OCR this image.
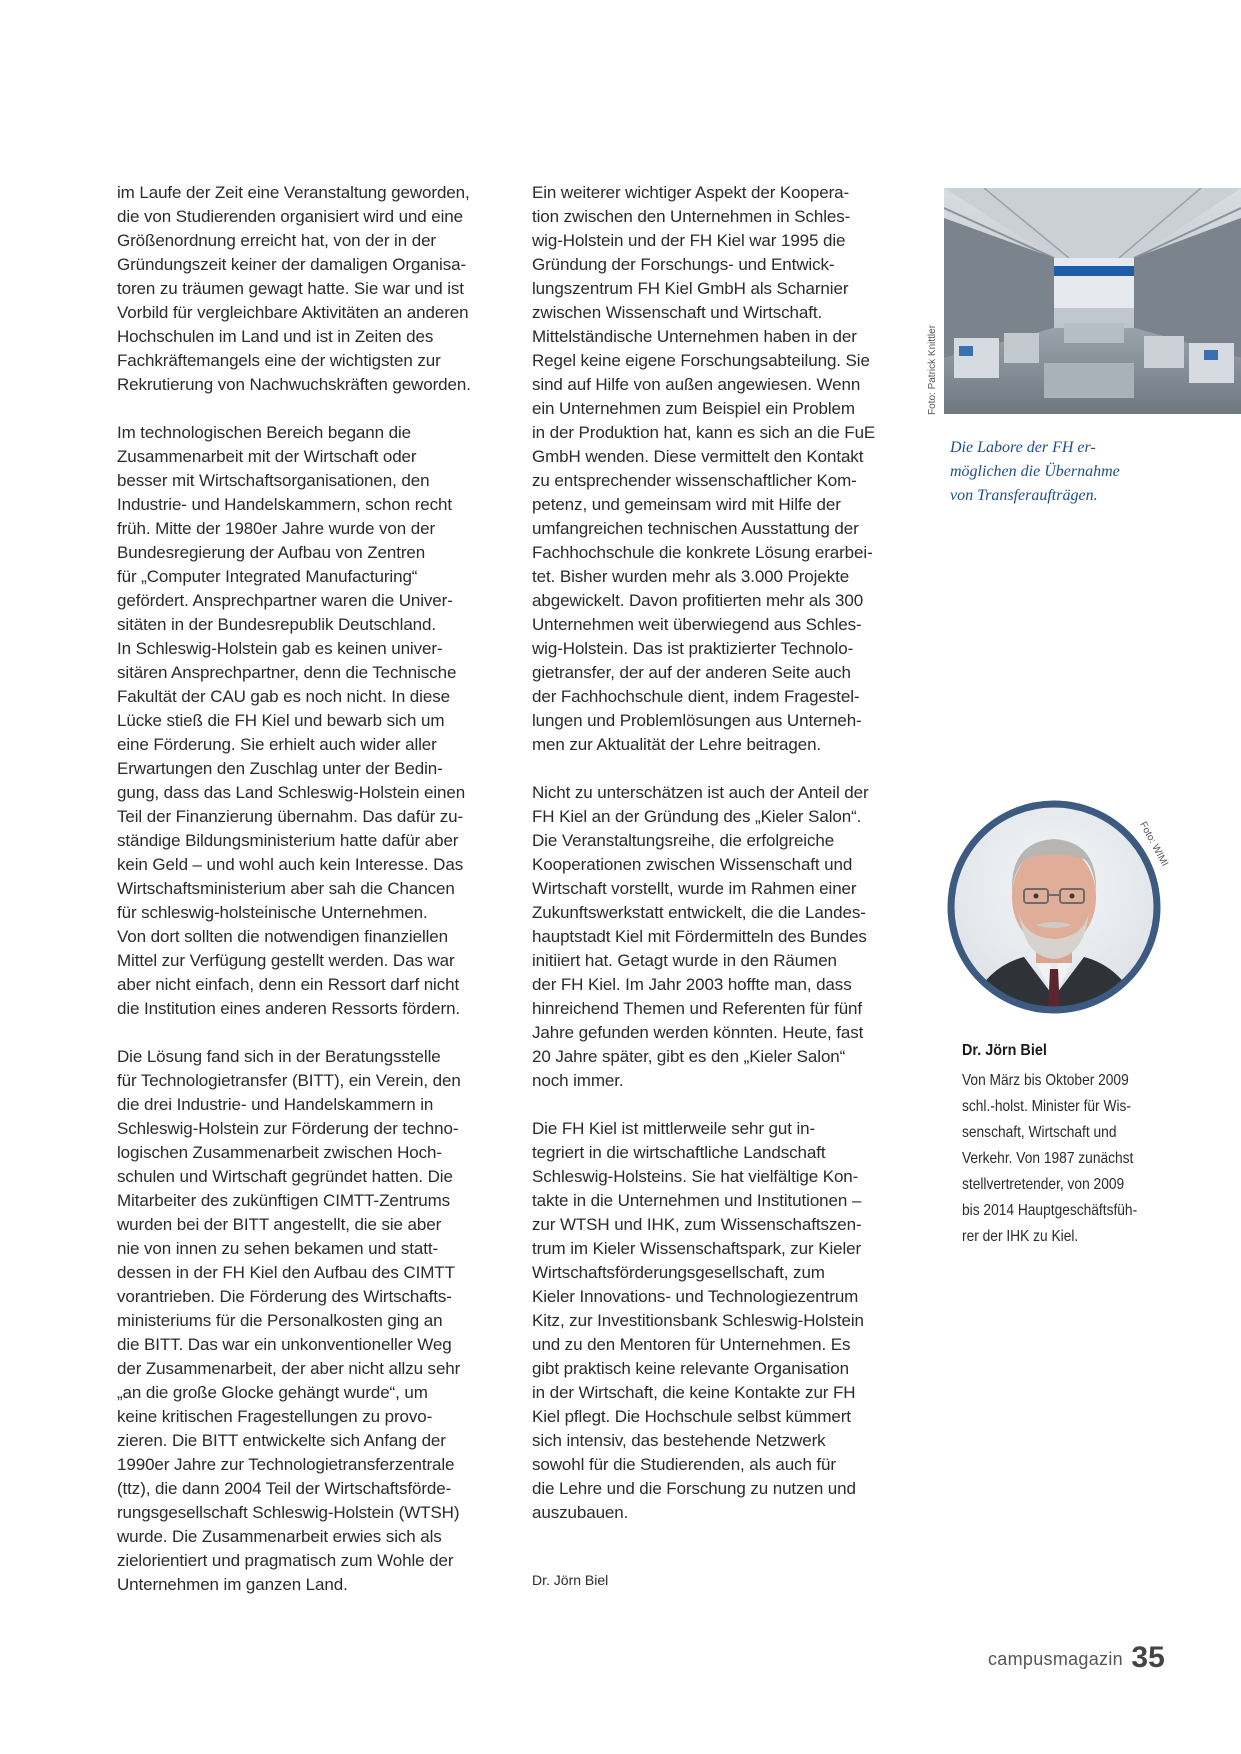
im Laufe der Zeit eine Veranstaltung geworden,
die von Studierenden organisiert wird und eine
Größenordnung erreicht hat, von der in der
Gründungszeit keiner der damaligen Organisa-
toren zu träumen gewagt hatte. Sie war und ist
Vorbild für vergleichbare Aktivitäten an anderen
Hochschulen im Land und ist in Zeiten des
Fachkräftemangels eine der wichtigsten zur
Rekrutierung von Nachwuchskräften geworden.

Im technologischen Bereich begann die
Zusammenarbeit mit der Wirtschaft oder
besser mit Wirtschaftsorganisationen, den
Industrie- und Handelskammern, schon recht
früh. Mitte der 1980er Jahre wurde von der
Bundesregierung der Aufbau von Zentren
für „Computer Integrated Manufacturing“
gefördert. Ansprechpartner waren die Univer-
sitäten in der Bundesrepublik Deutschland.
In Schleswig-Holstein gab es keinen univer-
sitären Ansprechpartner, denn die Technische
Fakultät der CAU gab es noch nicht. In diese
Lücke stieß die FH Kiel und bewarb sich um
eine Förderung. Sie erhielt auch wider aller
Erwartungen den Zuschlag unter der Bedin-
gung, dass das Land Schleswig-Holstein einen
Teil der Finanzierung übernahm. Das dafür zu-
ständige Bildungsministerium hatte dafür aber
kein Geld – und wohl auch kein Interesse. Das
Wirtschaftsministerium aber sah die Chancen
für schleswig-holsteinische Unternehmen.
Von dort sollten die notwendigen finanziellen
Mittel zur Verfügung gestellt werden. Das war
aber nicht einfach, denn ein Ressort darf nicht
die Institution eines anderen Ressorts fördern.

Die Lösung fand sich in der Beratungsstelle
für Technologietransfer (BITT), ein Verein, den
die drei Industrie- und Handelskammern in
Schleswig-Holstein zur Förderung der techno-
logischen Zusammenarbeit zwischen Hoch-
schulen und Wirtschaft gegründet hatten. Die
Mitarbeiter des zukünftigen CIMTT-Zentrums
wurden bei der BITT angestellt, die sie aber
nie von innen zu sehen bekamen und statt-
dessen in der FH Kiel den Aufbau des CIMTT
vorantrieben. Die Förderung des Wirtschafts-
ministeriums für die Personalkosten ging an
die BITT. Das war ein unkonventioneller Weg
der Zusammenarbeit, der aber nicht allzu sehr
„an die große Glocke gehängt wurde“, um
keine kritischen Fragestellungen zu provo-
zieren. Die BITT entwickelte sich Anfang der
1990er Jahre zur Technologietransferzentrale
(ttz), die dann 2004 Teil der Wirtschaftsförde-
rungsgesellschaft Schleswig-Holstein (WTSH)
wurde. Die Zusammenarbeit erwies sich als
zielorientiert und pragmatisch zum Wohle der
Unternehmen im ganzen Land.

Ein weiterer wichtiger Aspekt der Koopera-
tion zwischen den Unternehmen in Schles-
wig-Holstein und der FH Kiel war 1995 die
Gründung der Forschungs- und Entwick-
lungszentrum FH Kiel GmbH als Scharnier
zwischen Wissenschaft und Wirtschaft.
Mittelständische Unternehmen haben in der
Regel keine eigene Forschungsabteilung. Sie
sind auf Hilfe von außen angewiesen. Wenn
ein Unternehmen zum Beispiel ein Problem
in der Produktion hat, kann es sich an die FuE
GmbH wenden. Diese vermittelt den Kontakt
zu entsprechender wissenschaftlicher Kom-
petenz, und gemeinsam wird mit Hilfe der
umfangreichen technischen Ausstattung der
Fachhochschule die konkrete Lösung erarbei-
tet. Bisher wurden mehr als 3.000 Projekte
abgewickelt. Davon profitierten mehr als 300
Unternehmen weit überwiegend aus Schles-
wig-Holstein. Das ist praktizierter Technolo-
gietransfer, der auf der anderen Seite auch
der Fachhochschule dient, indem Fragestel-
lungen und Problemlösungen aus Unterneh-
men zur Aktualität der Lehre beitragen.

Nicht zu unterschätzen ist auch der Anteil der
FH Kiel an der Gründung des „Kieler Salon“.
Die Veranstaltungsreihe, die erfolgreiche
Kooperationen zwischen Wissenschaft und
Wirtschaft vorstellt, wurde im Rahmen einer
Zukunftswerkstatt entwickelt, die die Landes-
hauptstadt Kiel mit Fördermitteln des Bundes
initiiert hat. Getagt wurde in den Räumen
der FH Kiel. Im Jahr 2003 hoffte man, dass
hinreichend Themen und Referenten für fünf
Jahre gefunden werden könnten. Heute, fast
20 Jahre später, gibt es den „Kieler Salon“
noch immer.

Die FH Kiel ist mittlerweile sehr gut in-
tegriert in die wirtschaftliche Landschaft
Schleswig-Holsteins. Sie hat vielfältige Kon-
takte in die Unternehmen und Institutionen –
zur WTSH und IHK, zum Wissenschaftszen-
trum im Kieler Wissenschaftspark, zur Kieler
Wirtschaftsförderungsgesellschaft, zum
Kieler Innovations- und Technologiezentrum
Kitz, zur Investitionsbank Schleswig-Holstein
und zu den Mentoren für Unternehmen. Es
gibt praktisch keine relevante Organisation
in der Wirtschaft, die keine Kontakte zur FH
Kiel pflegt. Die Hochschule selbst kümmert
sich intensiv, das bestehende Netzwerk
sowohl für die Studierenden, als auch für
die Lehre und die Forschung zu nutzen und
auszubauen.

Dr. Jörn Biel
Foto: Patrick Knittler
Die Labore der FH er-
möglichen die Übernahme
von Transferaufträgen.
Foto: WIMI
Dr. Jörn Biel
Von März bis Oktober 2009
schl.-holst. Minister für Wis-
senschaft, Wirtschaft und
Verkehr. Von 1987 zunächst
stellvertretender, von 2009
bis 2014 Hauptgeschäftsfüh-
rer der IHK zu Kiel.
campusmagazin 35
